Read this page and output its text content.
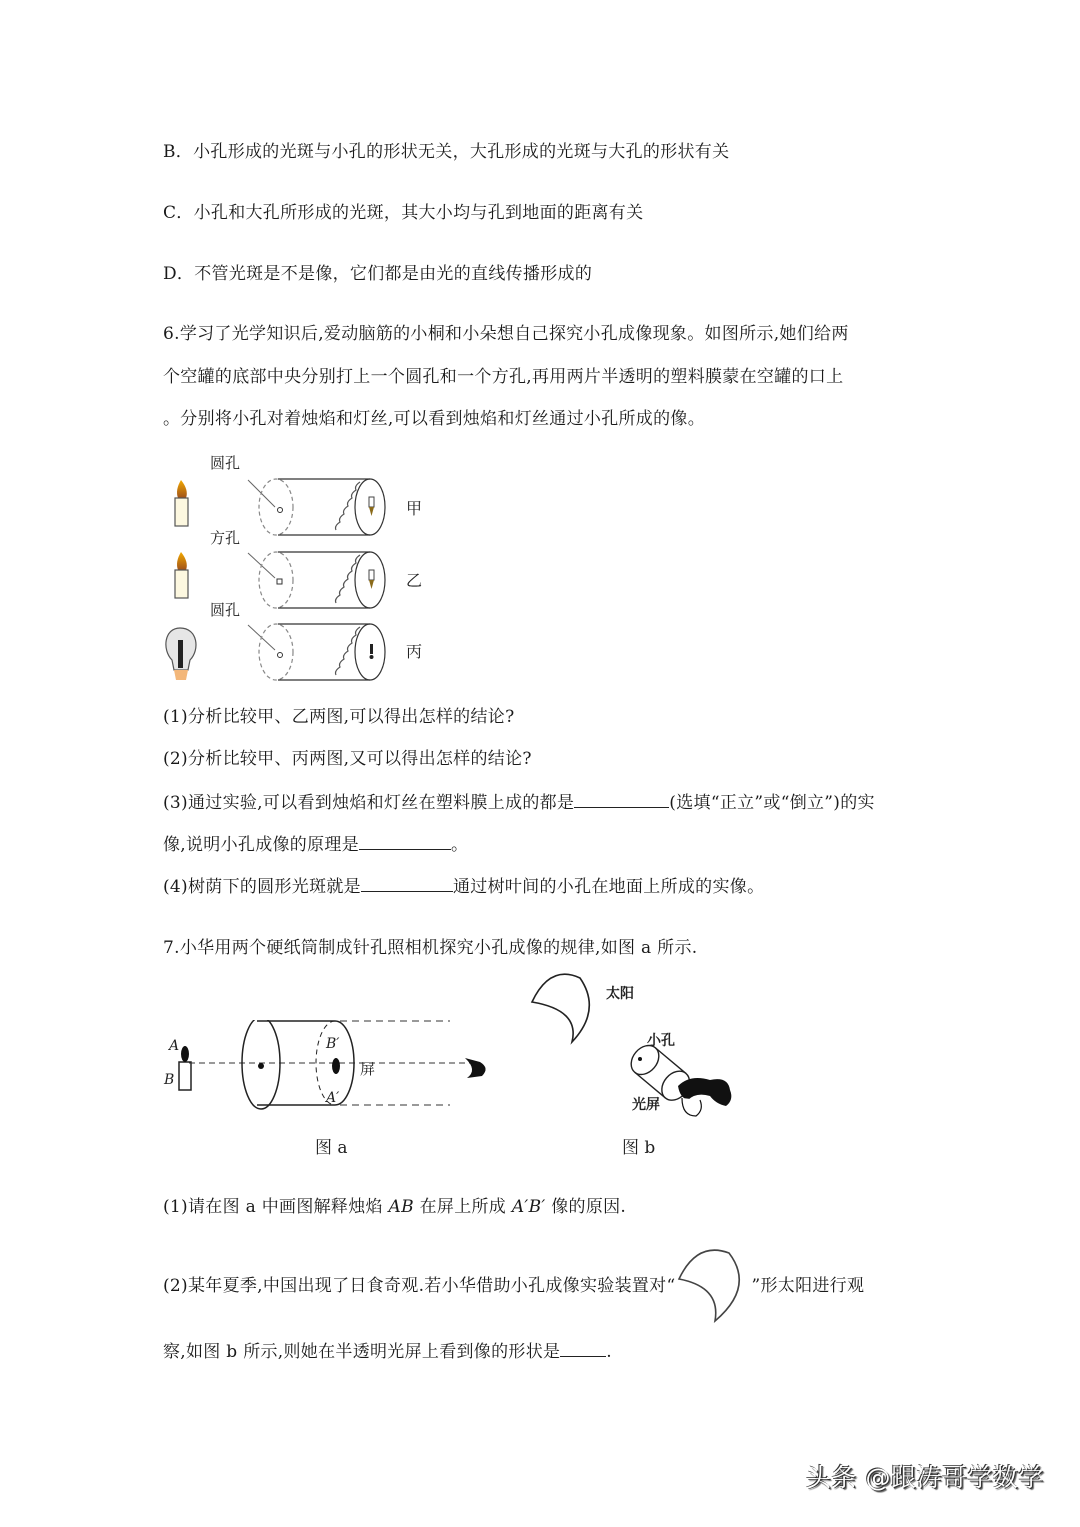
B．小孔形成的光斑与小孔的形状无关，大孔形成的光斑与大孔的形状有关
C．小孔和大孔所形成的光斑，其大小均与孔到地面的距离有关
D．不管光斑是不是像，它们都是由光的直线传播形成的
6.学习了光学知识后,爱动脑筋的小桐和小朵想自己探究小孔成像现象。如图所示,她们给两
个空罐的底部中央分别打上一个圆孔和一个方孔,再用两片半透明的塑料膜蒙在空罐的口上
。分别将小孔对着烛焰和灯丝,可以看到烛焰和灯丝通过小孔所成的像。
圆孔
方孔
圆孔
甲
乙
丙
(1)分析比较甲、乙两图,可以得出怎样的结论?
(2)分析比较甲、丙两图,又可以得出怎样的结论?
(3)通过实验,可以看到烛焰和灯丝在塑料膜上成的都是	(选填“正立”或“倒立”)的实
像,说明小孔成像的原理是	。
(4)树荫下的圆形光斑就是	通过树叶间的小孔在地面上所成的实像。
7.小华用两个硬纸筒制成针孔照相机探究小孔成像的规律,如图 a 所示.
A
B
B′
A′
屏
图 a
太阳
小孔
光屏
图 b
(1)请在图 a 中画图解释烛焰 AB 在屏上所成 A′B′ 像的原因.
(2)某年夏季,中国出现了日食奇观.若小华借助小孔成像实验装置对“	”形太阳进行观
察,如图 b 所示,则她在半透明光屏上看到像的形状是	.
头条 @跟涛哥学数学
